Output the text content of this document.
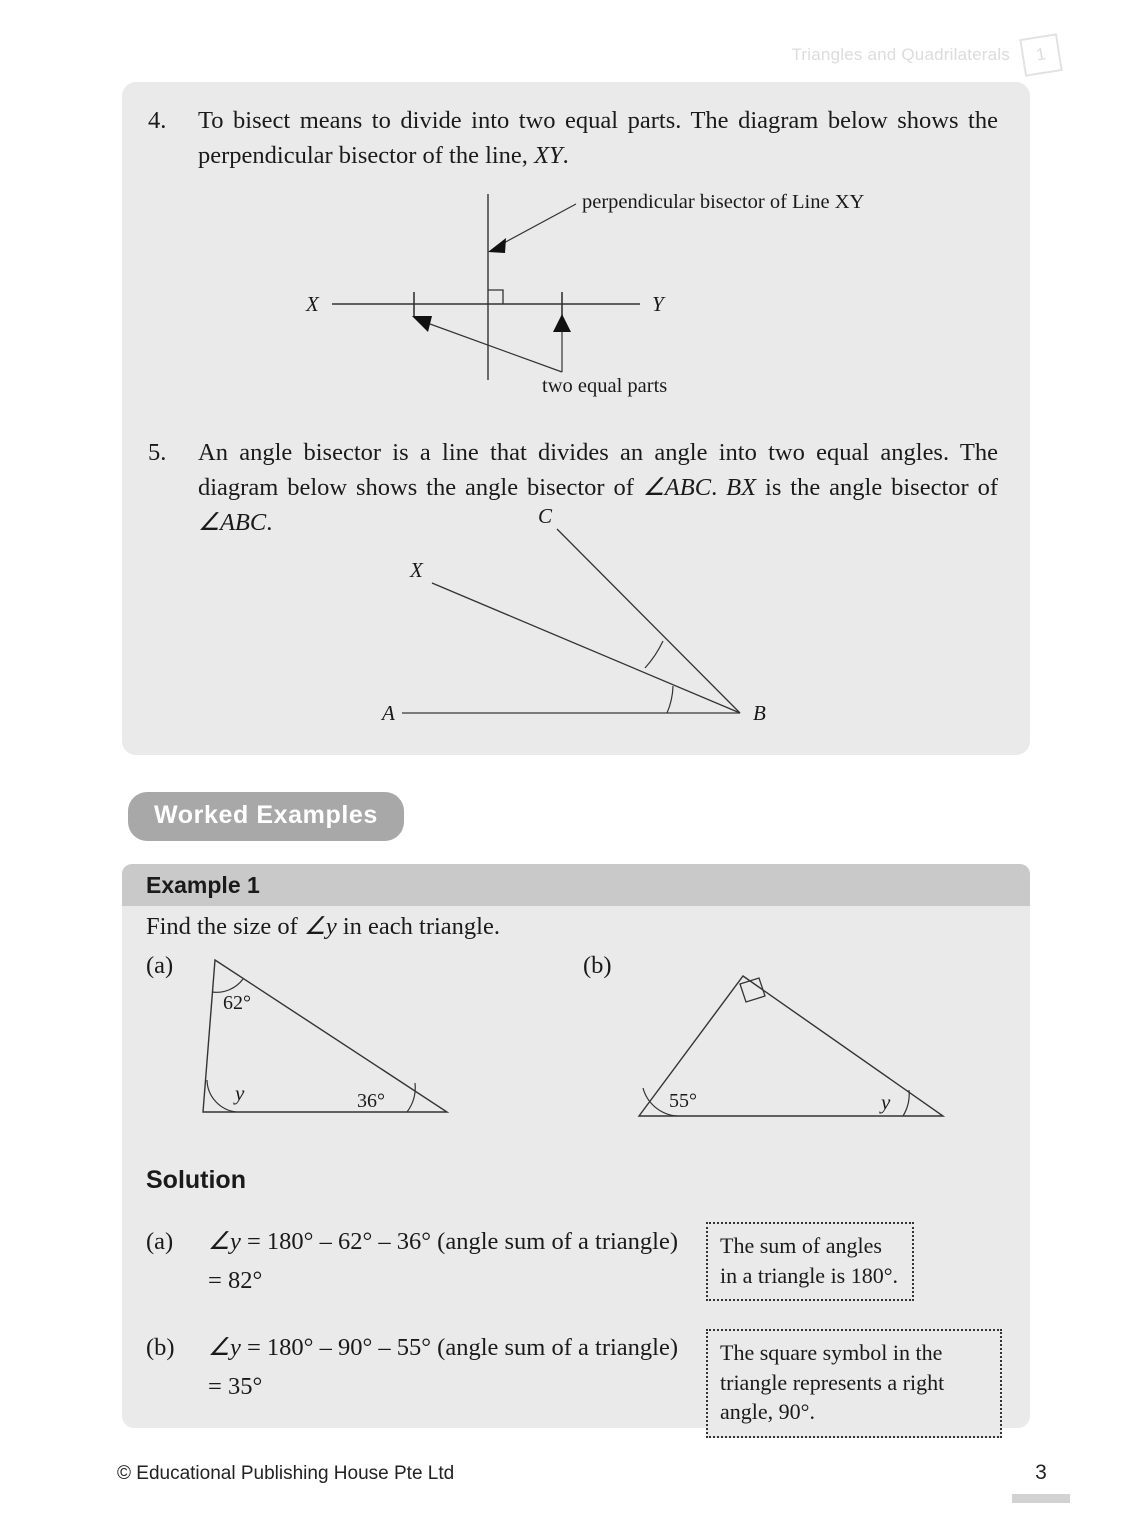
Triangles and Quadrilaterals 1
4.	To bisect means to divide into two equal parts. The diagram below shows the perpendicular bisector of the line, XY.
X	Y
perpendicular bisector of Line XY
two equal parts
5.	An angle bisector is a line that divides an angle into two equal angles. The diagram below shows the angle bisector of ∠ABC. BX is the angle bisector of ∠ABC.	C
X
A	B
Worked Examples
Example 1
Find the size of ∠y in each triangle.
(a)	(b)
62°
y	36°	55°	y
Solution
(a) ∠y = 180° – 62° – 36° (angle sum of a triangle)
= 82°
The sum of angles in a triangle is 180°.
(b) ∠y = 180° – 90° – 55° (angle sum of a triangle)
= 35°
The square symbol in the triangle represents a right angle, 90°.
© Educational Publishing House Pte Ltd	3
